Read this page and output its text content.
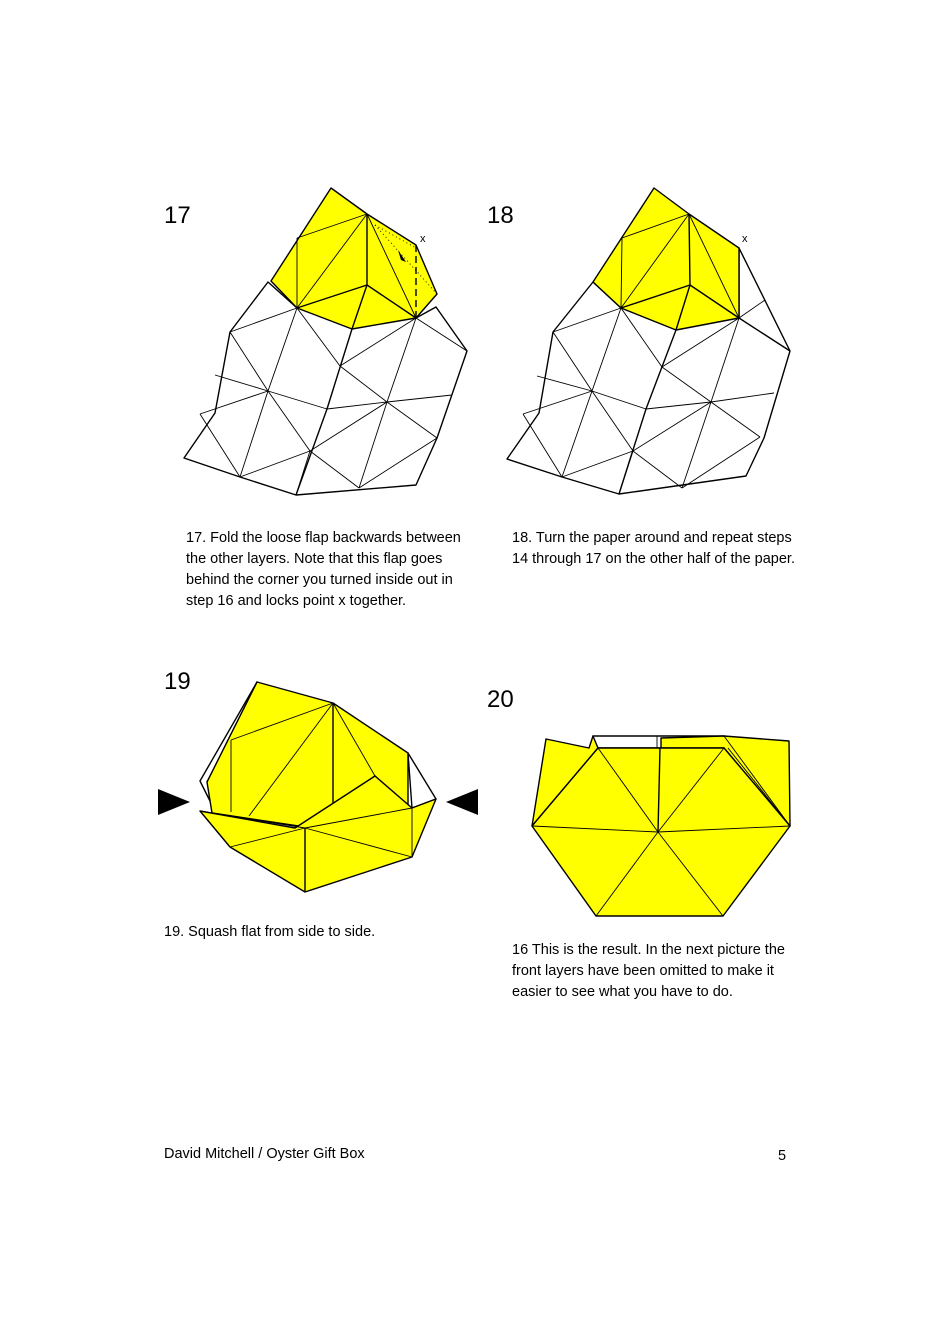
17
x
18
x
17. Fold the loose flap backwards between the other layers. Note that this flap goes behind the corner you turned inside out in step 16 and locks point x together.
18. Turn the paper around and repeat steps 14 through 17 on the other half of the paper.
19
20
19. Squash flat from side to side.
16 This is the result. In the next picture the front layers have been omitted to make it easier to see what you have to do.
David Mitchell / Oyster Gift Box	5
